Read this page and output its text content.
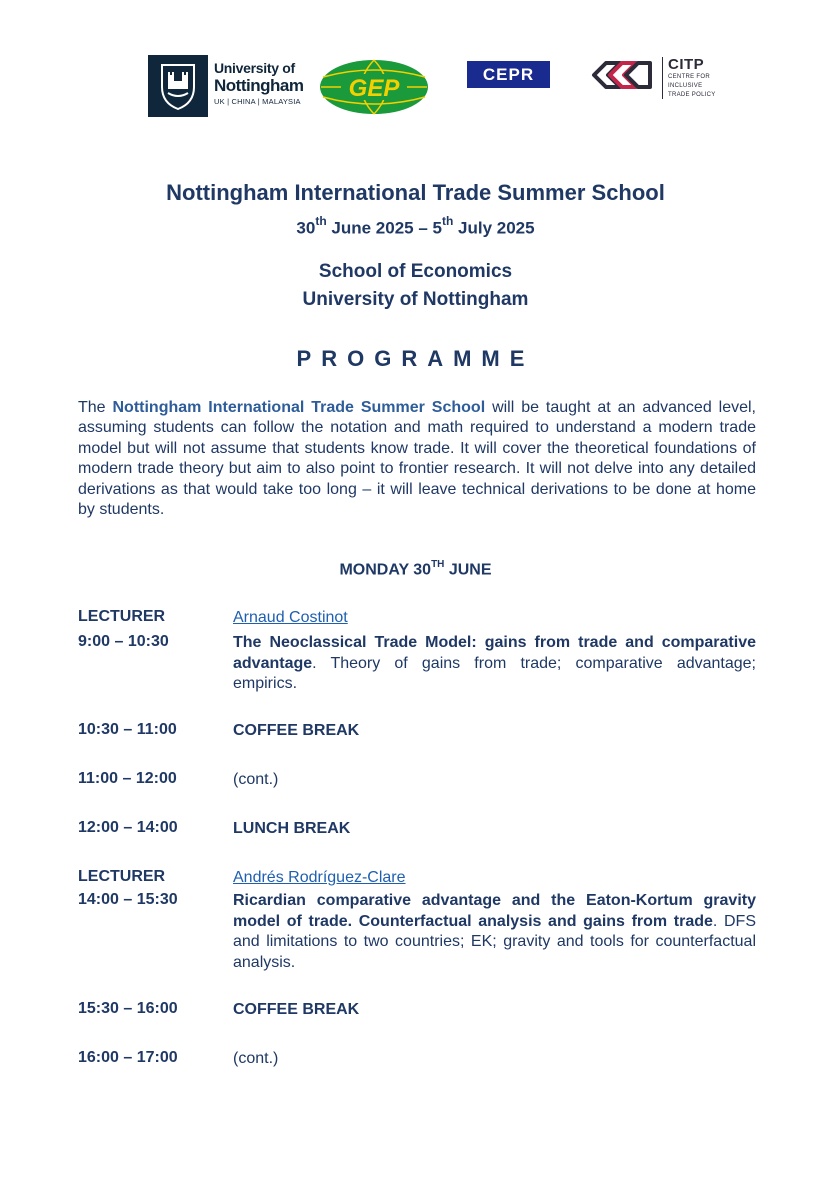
University of
Nottingham
UK | CHINA | MALAYSIA GEP
CEPR	CITP
CENTRE FOR
INCLUSIVE
TRADE POLICY
Nottingham International Trade Summer School
30th June 2025 – 5th July 2025
School of Economics
University of Nottingham
PROGRAMME
The Nottingham International Trade Summer School will be taught at an advanced level, assuming students can follow the notation and math required to understand a modern trade model but will not assume that students know trade. It will cover the theoretical foundations of modern trade theory but aim to also point to frontier research. It will not delve into any detailed derivations as that would take too long – it will leave technical derivations to be done at home by students.
MONDAY 30TH JUNE
LECTURER	Arnaud Costinot
9:00 – 10:30	The Neoclassical Trade Model: gains from trade and comparative advantage. Theory of gains from trade; comparative advantage; empirics.
10:30 – 11:00	COFFEE BREAK
11:00 – 12:00	(cont.)
12:00 – 14:00	LUNCH BREAK
LECTURER	Andrés Rodríguez-Clare
14:00 – 15:30	Ricardian comparative advantage and the Eaton-Kortum gravity model of trade. Counterfactual analysis and gains from trade. DFS and limitations to two countries; EK; gravity and tools for counterfactual analysis.
15:30 – 16:00	COFFEE BREAK
16:00 – 17:00	(cont.)
